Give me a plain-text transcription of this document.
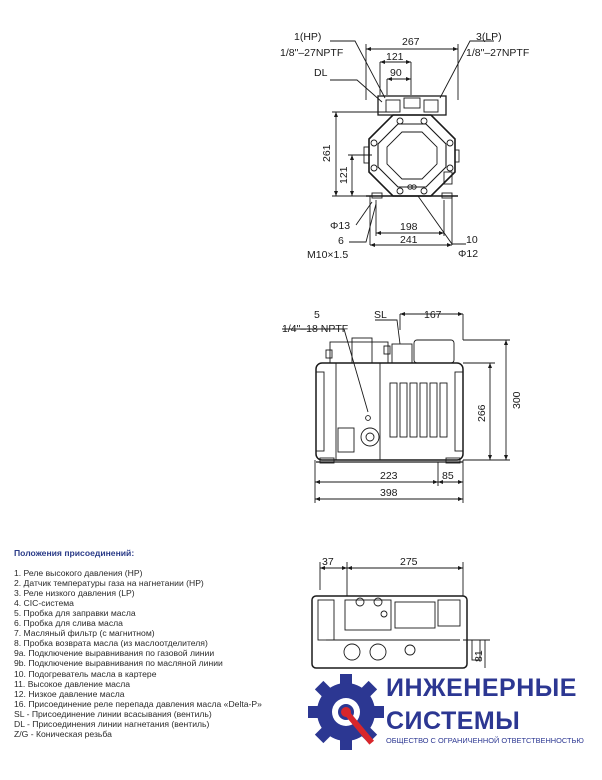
1(HP)
1/8"–27NPTF
DL
3(LP)
1/8"–27NPTF
267
121
90
261
121
Φ13	198
241
6
M10×1.5
10
Φ12
5
1/4"–18 NPTF
SL	167
266
300
223	85
398
37	275
81
Положения присоединений:
1. Реле высокого давления (HP)
2. Датчик температуры газа на нагнетании (HP)
3. Реле низкого давления (LP)
4. CIC-система
5. Пробка для заправки масла
6. Пробка для слива масла
7. Масляный фильтр (с магнитном)
8. Пробка возврата масла (из маслоотделителя)
9a. Подключение выравнивания по газовой линии
9b. Подключение выравнивания по масляной линии
10. Подогреватель масла в картере
11. Высокое давление масла
12. Низкое давление масла
16. Присоединение реле перепада давления масла «Delta-P»
SL - Присоединение линии всасывания (вентиль)
DL - Присоединения линии нагнетания (вентиль)
Z/G - Коническая резьба
ИНЖЕНЕРНЫЕ
СИСТЕМЫ
ОБЩЕСТВО С ОГРАНИЧЕННОЙ ОТВЕТСТВЕННОСТЬЮ
